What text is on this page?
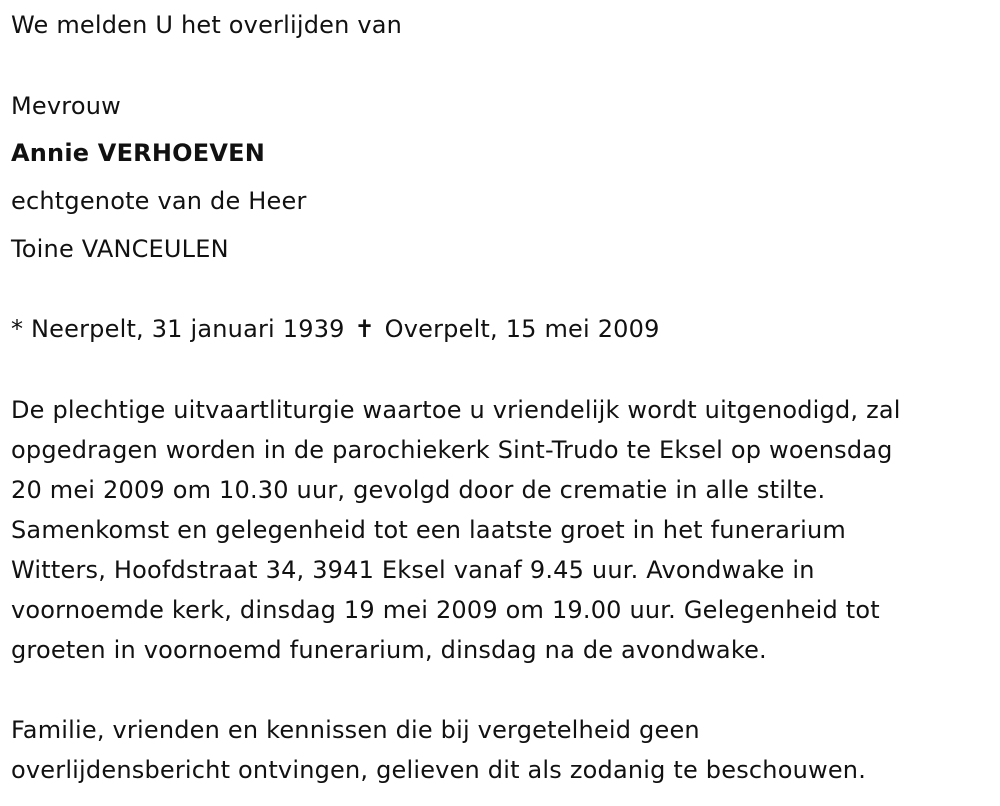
We melden U het overlijden van
Mevrouw
Annie VERHOEVEN
echtgenote van de Heer
Toine VANCEULEN
* Neerpelt, 31 januari 1939 ✝ Overpelt, 15 mei 2009
De plechtige uitvaartliturgie waartoe u vriendelijk wordt uitgenodigd, zal
opgedragen worden in de parochiekerk Sint-Trudo te Eksel op woensdag
20 mei 2009 om 10.30 uur, gevolgd door de crematie in alle stilte.
Samenkomst en gelegenheid tot een laatste groet in het funerarium
Witters, Hoofdstraat 34, 3941 Eksel vanaf 9.45 uur. Avondwake in
voornoemde kerk, dinsdag 19 mei 2009 om 19.00 uur. Gelegenheid tot
groeten in voornoemd funerarium, dinsdag na de avondwake.
Familie, vrienden en kennissen die bij vergetelheid geen
overlijdensbericht ontvingen, gelieven dit als zodanig te beschouwen.
